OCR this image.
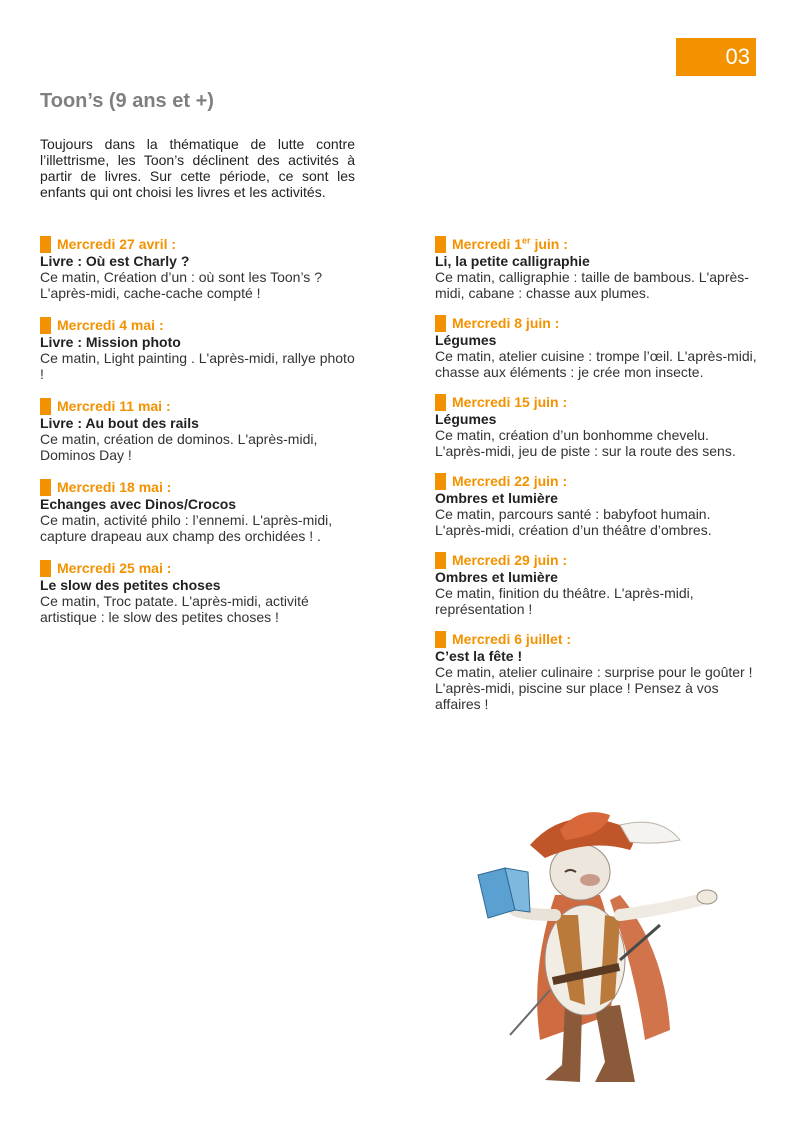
03
Toon’s (9 ans et +)

Toujours dans la thématique de lutte contre l’illettrisme, les Toon’s déclinent des activités à partir de livres. Sur cette période, ce sont les enfants qui ont choisi les livres et les activités.

Mercredi 27 avril :
Livre : Où est Charly ?
Ce matin, Création d’un : où sont les Toon’s ? L'après-midi, cache-cache compté !
Mercredi 4 mai :
Livre : Mission photo
Ce matin, Light painting . L'après-midi, rallye photo !
Mercredi 11 mai :
Livre : Au bout des rails
Ce matin, création de dominos. L'après-midi, Dominos Day !
Mercredi 18 mai :
Echanges avec Dinos/Crocos
Ce matin, activité philo : l’ennemi. L'après-midi, capture drapeau aux champ des orchidées ! .
Mercredi 25 mai :
Le slow des petites choses
Ce matin, Troc patate. L'après-midi, activité artistique : le slow des petites choses !
Mercredi 1er juin :
Li, la petite calligraphie
Ce matin, calligraphie : taille de bambous. L'après-midi, cabane : chasse aux plumes.
Mercredi 8 juin :
Légumes
Ce matin, atelier cuisine : trompe l’œil. L'après-midi, chasse aux éléments : je crée mon insecte.
Mercredi 15 juin :
Légumes
Ce matin, création d’un bonhomme chevelu. L'après-midi, jeu de piste : sur la route des sens.
Mercredi 22 juin :
Ombres et lumière
Ce matin, parcours santé : babyfoot humain. L'après-midi, création d’un théâtre d’ombres.
Mercredi 29 juin :
Ombres et lumière
Ce matin, finition du théâtre. L'après-midi, représentation !
Mercredi 6 juillet :
C’est la fête !
Ce matin, atelier culinaire : surprise pour le goûter ! L'après-midi, piscine sur place ! Pensez à vos affaires !
